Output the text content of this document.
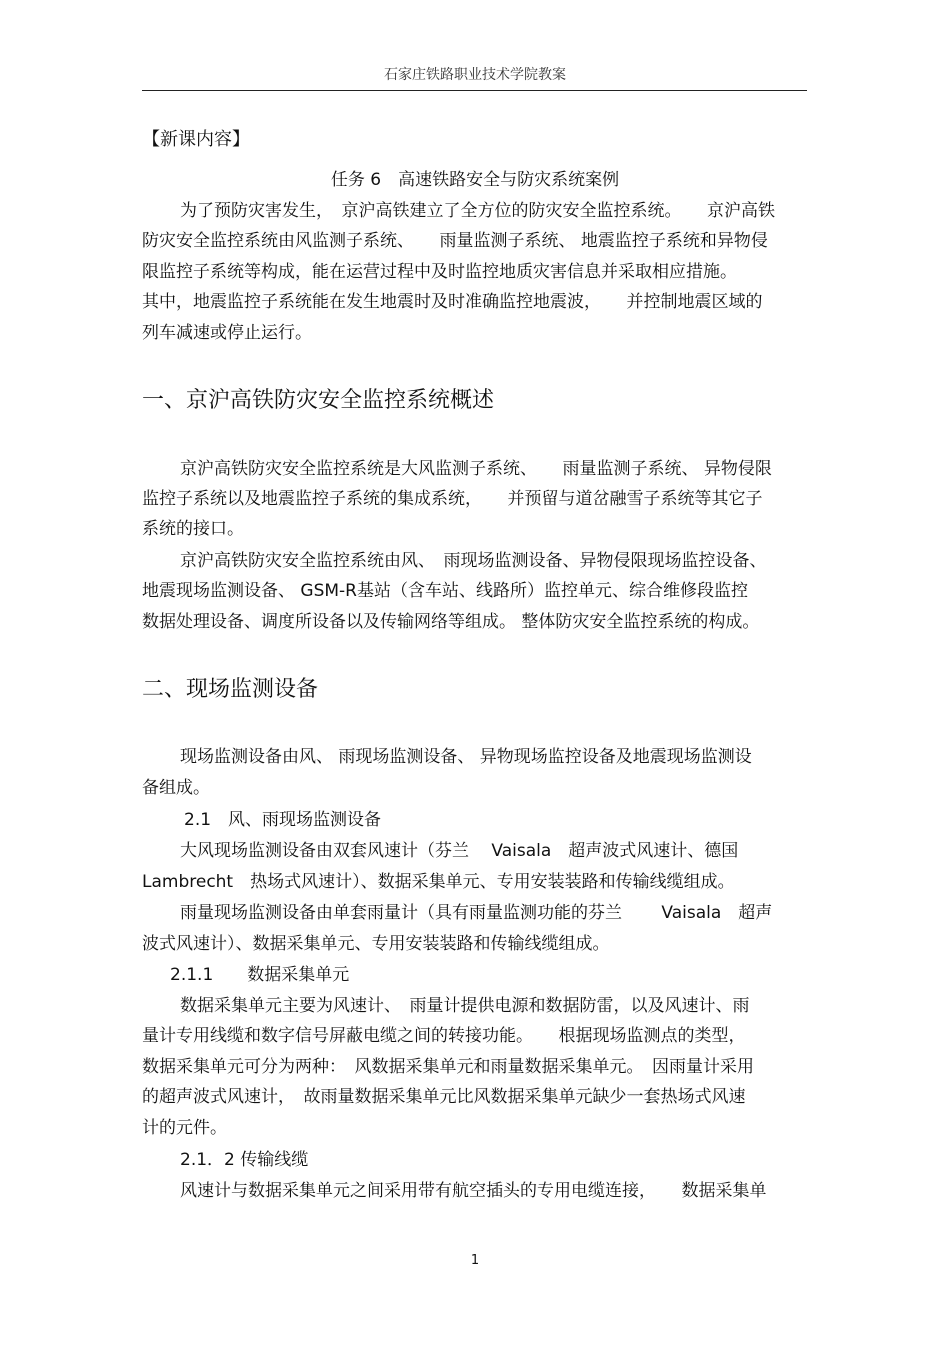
石家庄铁路职业技术学院教案
【新课内容】
任务 6　高速铁路安全与防灾系统案例
为了预防灾害发生，　京沪高铁建立了全方位的防灾安全监控系统。　　京沪高铁
防灾安全监控系统由风监测子系统、　　雨量监测子系统、 地震监控子系统和异物侵
限监控子系统等构成，能在运营过程中及时监控地质灾害信息并采取相应措施。
其中，地震监控子系统能在发生地震时及时准确监控地震波，　　并控制地震区域的
列车减速或停止运行。
一、京沪高铁防灾安全监控系统概述
京沪高铁防灾安全监控系统是大风监测子系统、　　雨量监测子系统、 异物侵限
监控子系统以及地震监控子系统的集成系统，　　并预留与道岔融雪子系统等其它子
系统的接口。
京沪高铁防灾安全监控系统由风、　雨现场监测设备、异物侵限现场监控设备、
地震现场监测设备、 GSM-R基站（含车站、线路所）监控单元、综合维修段监控
数据处理设备、调度所设备以及传输网络等组成。 整体防灾安全监控系统的构成。
二、现场监测设备
现场监测设备由风、 雨现场监测设备、 异物现场监控设备及地震现场监测设
备组成。
2.1　风、雨现场监测设备
大风现场监测设备由双套风速计（芬兰　 Vaisala　超声波式风速计、德国
Lambrecht　热场式风速计）、数据采集单元、专用安装装路和传输线缆组成。
雨量现场监测设备由单套雨量计（具有雨量监测功能的芬兰　　 Vaisala　超声
波式风速计）、数据采集单元、专用安装装路和传输线缆组成。
2.1.1　　数据采集单元
数据采集单元主要为风速计、　雨量计提供电源和数据防雷，以及风速计、雨
量计专用线缆和数字信号屏蔽电缆之间的转接功能。　　根据现场监测点的类型，
数据采集单元可分为两种：　风数据采集单元和雨量数据采集单元。　因雨量计采用
的超声波式风速计，　故雨量数据采集单元比风数据采集单元缺少一套热场式风速
计的元件。
2.1．2 传输线缆
风速计与数据采集单元之间采用带有航空插头的专用电缆连接，　　数据采集单
1
